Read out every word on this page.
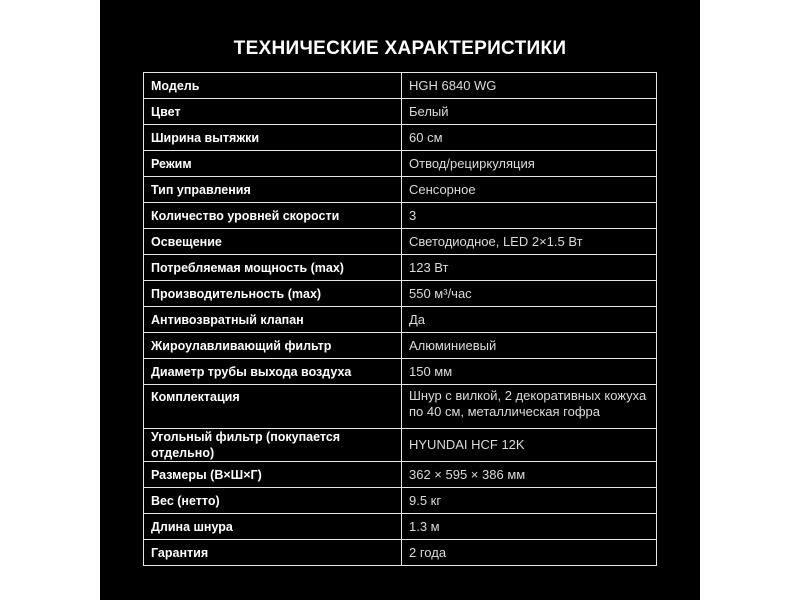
ТЕХНИЧЕСКИЕ ХАРАКТЕРИСТИКИ
Модель	HGH 6840 WG
Цвет	Белый
Ширина вытяжки	60 см
Режим	Отвод/рециркуляция
Тип управления	Сенсорное
Количество уровней скорости	3
Освещение	Светодиодное, LED 2×1.5 Вт
Потребляемая мощность (max)	123 Вт
Производительность (max)	550 м³/час
Антивозвратный клапан	Да
Жироулавливающий фильтр	Алюминиевый
Диаметр трубы выхода воздуха	150 мм
Комплектация	Шнур с вилкой, 2 декоративных кожуха по 40 см, металлическая гофра
Угольный фильтр (покупается отдельно)	HYUNDAI HCF 12K
Размеры (В×Ш×Г)	362 × 595 × 386 мм
Вес (нетто)	9.5 кг
Длина шнура	1.3 м
Гарантия	2 года
